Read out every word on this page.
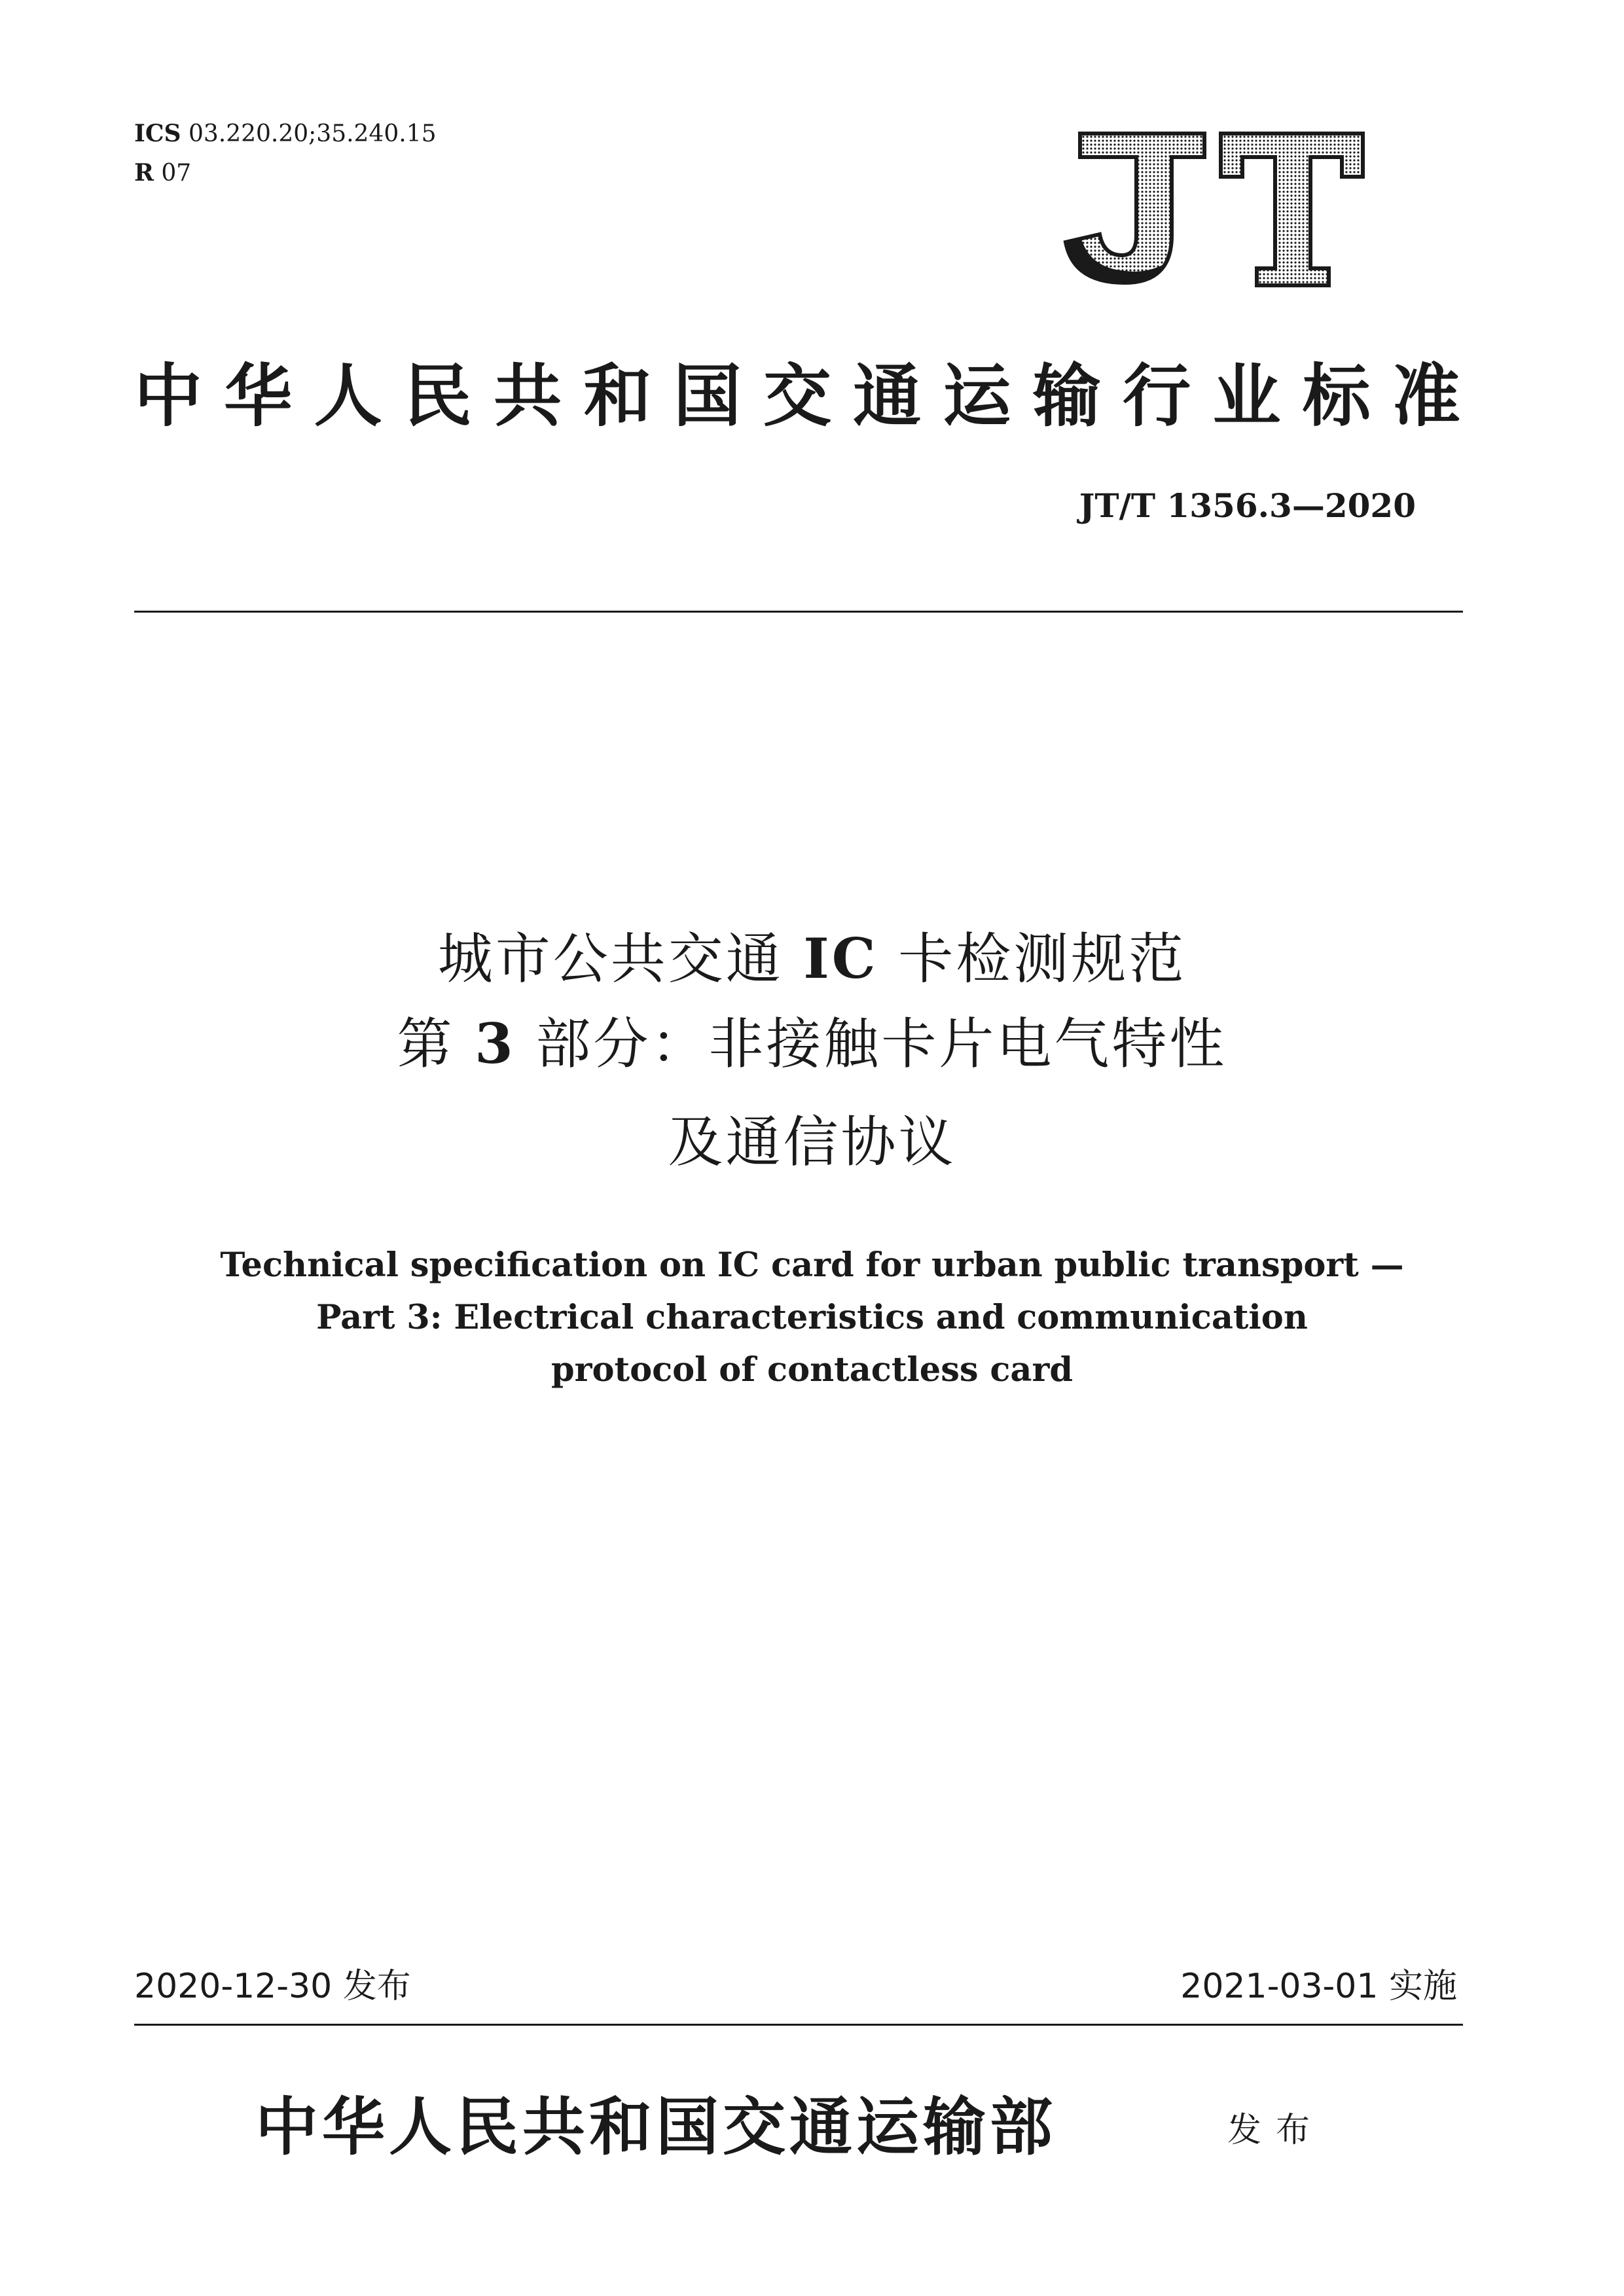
ICS 03.220.20;35.240.15
R 07
JT
中华人民共和国交通运输行业标准
JT/T 1356.3—2020
城市公共交通 IC 卡检测规范
第 3 部分：非接触卡片电气特性
及通信协议
Technical specification on IC card for urban public transport —
Part 3: Electrical characteristics and communication
protocol of contactless card
2020-12-30 发布	2021-03-01 实施
中华人民共和国交通运输部	发布
